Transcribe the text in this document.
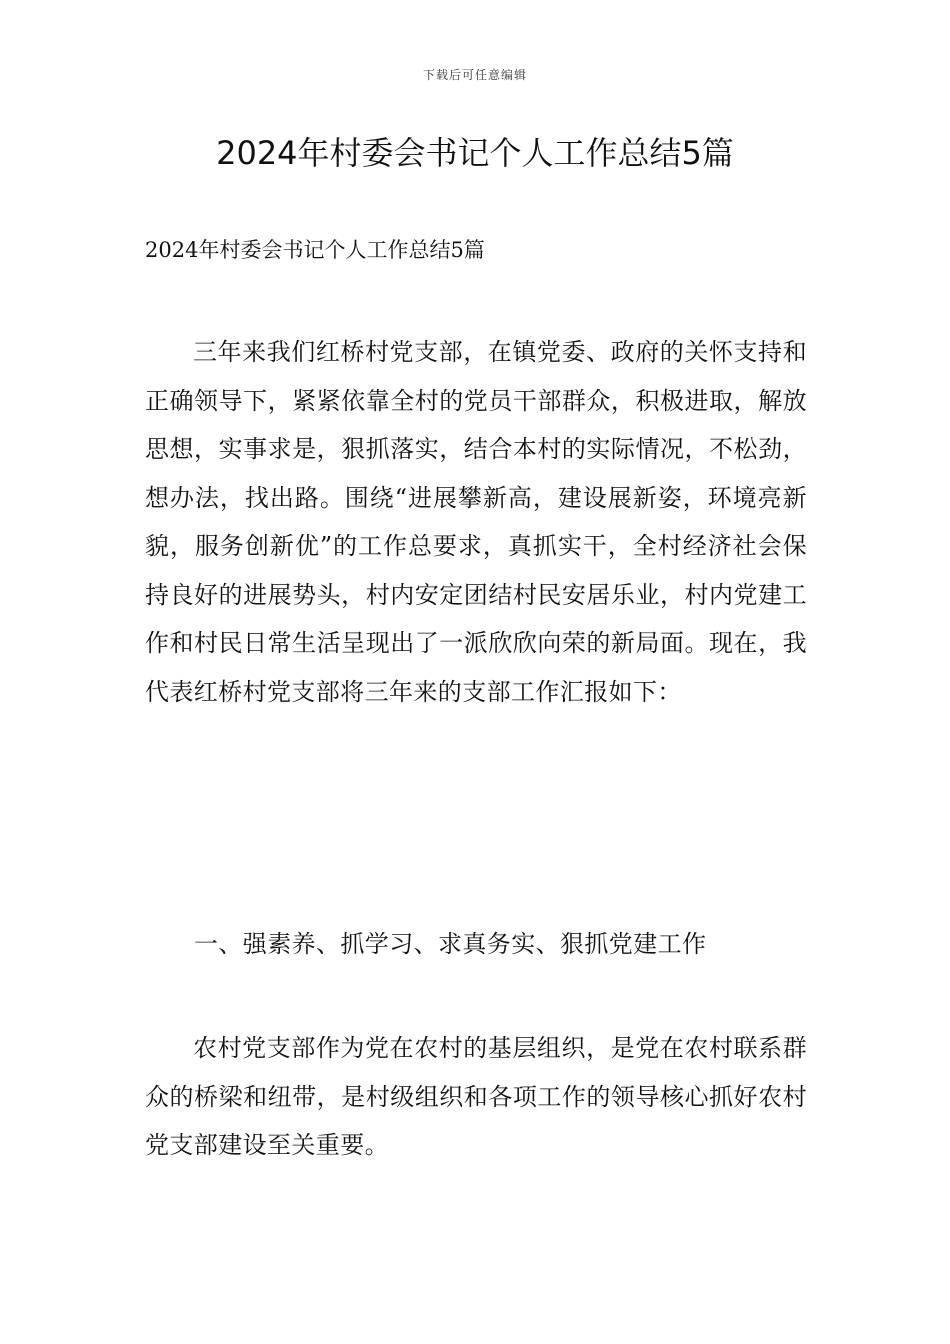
下载后可任意编辑
2024年村委会书记个人工作总结5篇

2024年村委会书记个人工作总结5篇

三年来我们红桥村党支部，在镇党委、政府的关怀支持和正确领导下，紧紧依靠全村的党员干部群众，积极进取，解放思想，实事求是，狠抓落实，结合本村的实际情况，不松劲，想办法，找出路。围绕“进展攀新高，建设展新姿，环境亮新貌，服务创新优”的工作总要求，真抓实干，全村经济社会保持良好的进展势头，村内安定团结村民安居乐业，村内党建工作和村民日常生活呈现出了一派欣欣向荣的新局面。现在，我代表红桥村党支部将三年来的支部工作汇报如下：

一、强素养、抓学习、求真务实、狠抓党建工作

农村党支部作为党在农村的基层组织，是党在农村联系群众的桥梁和纽带，是村级组织和各项工作的领导核心抓好农村党支部建设至关重要。
